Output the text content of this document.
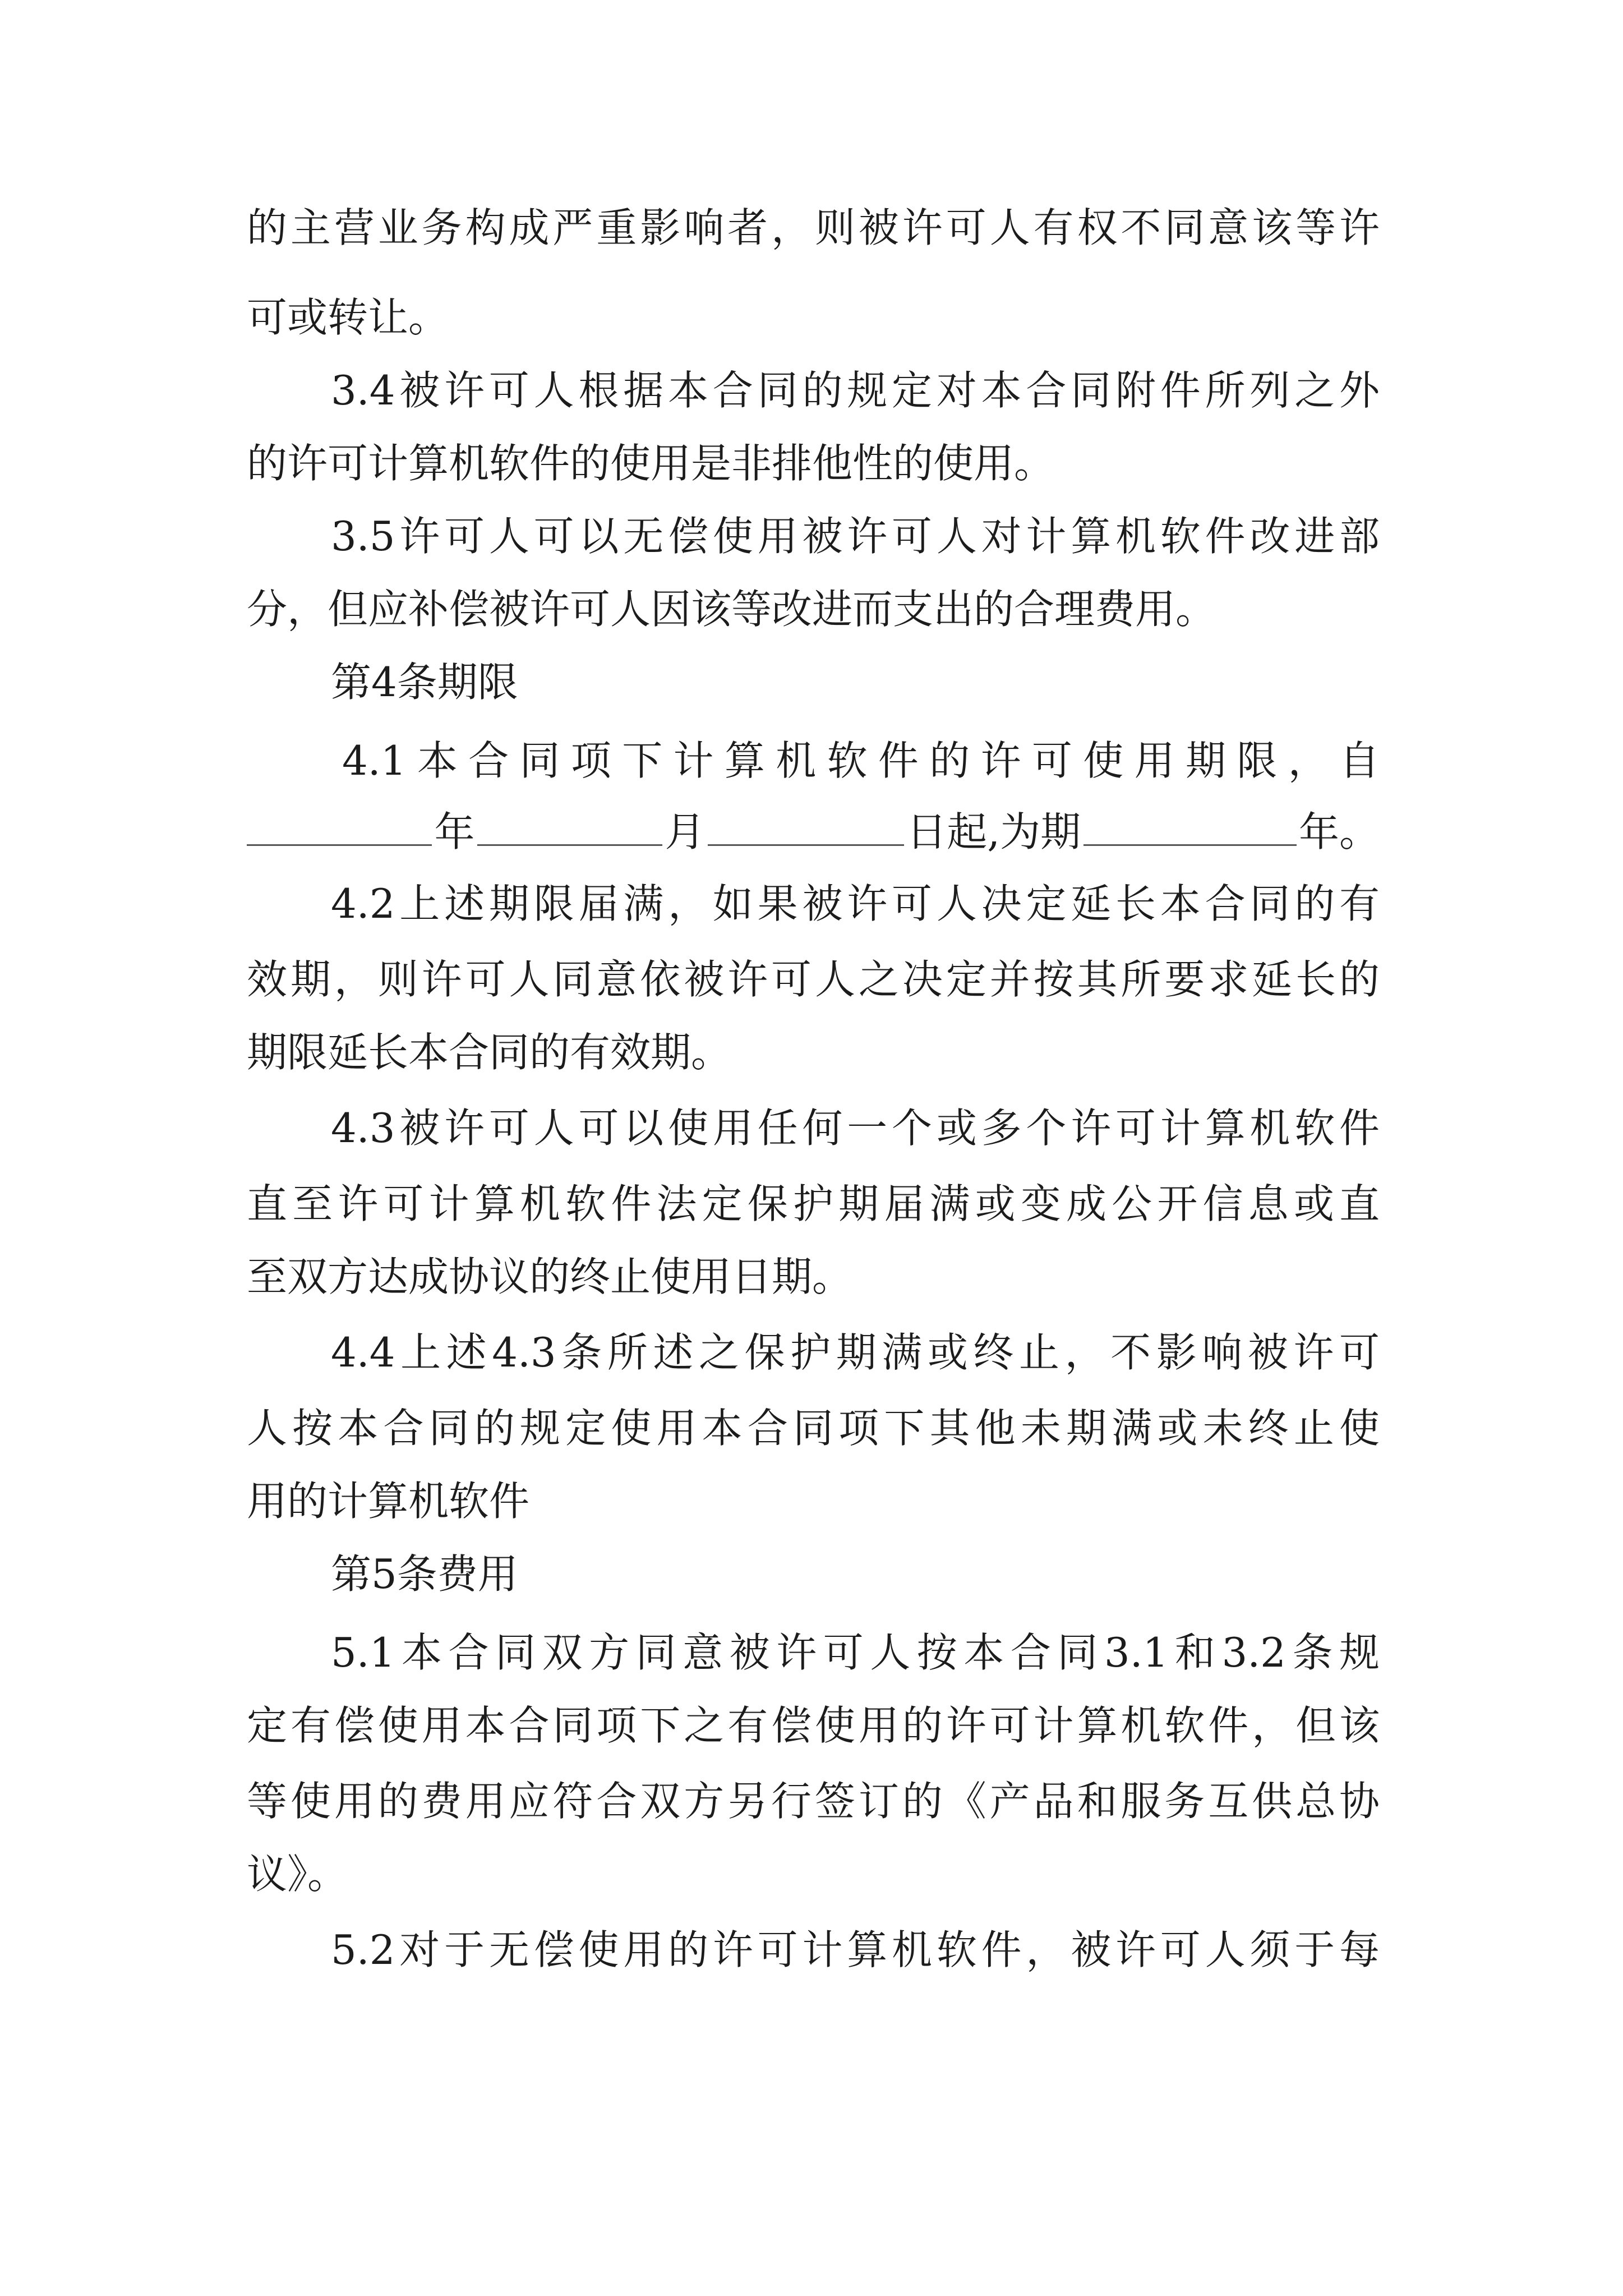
的主营业务构成严重影响者，则被许可人有权不同意该等许
可或转让。
3.4被许可人根据本合同的规定对本合同附件所列之外
的许可计算机软件的使用是非排他性的使用。
3.5许可人可以无偿使用被许可人对计算机软件改进部
分，但应补偿被许可人因该等改进而支出的合理费用。
第4条期限
4.1本合同项下计算机软件的许可使用期限，自
年	月	日起,为期	年。
4.2上述期限届满，如果被许可人决定延长本合同的有
效期，则许可人同意依被许可人之决定并按其所要求延长的
期限延长本合同的有效期。
4.3被许可人可以使用任何一个或多个许可计算机软件
直至许可计算机软件法定保护期届满或变成公开信息或直
至双方达成协议的终止使用日期。
4.4上述4.3条所述之保护期满或终止，不影响被许可
人按本合同的规定使用本合同项下其他未期满或未终止使
用的计算机软件
第5条费用
5.1本合同双方同意被许可人按本合同3.1和3.2条规
定有偿使用本合同项下之有偿使用的许可计算机软件，但该
等使用的费用应符合双方另行签订的《产品和服务互供总协
议》。
5.2对于无偿使用的许可计算机软件，被许可人须于每
